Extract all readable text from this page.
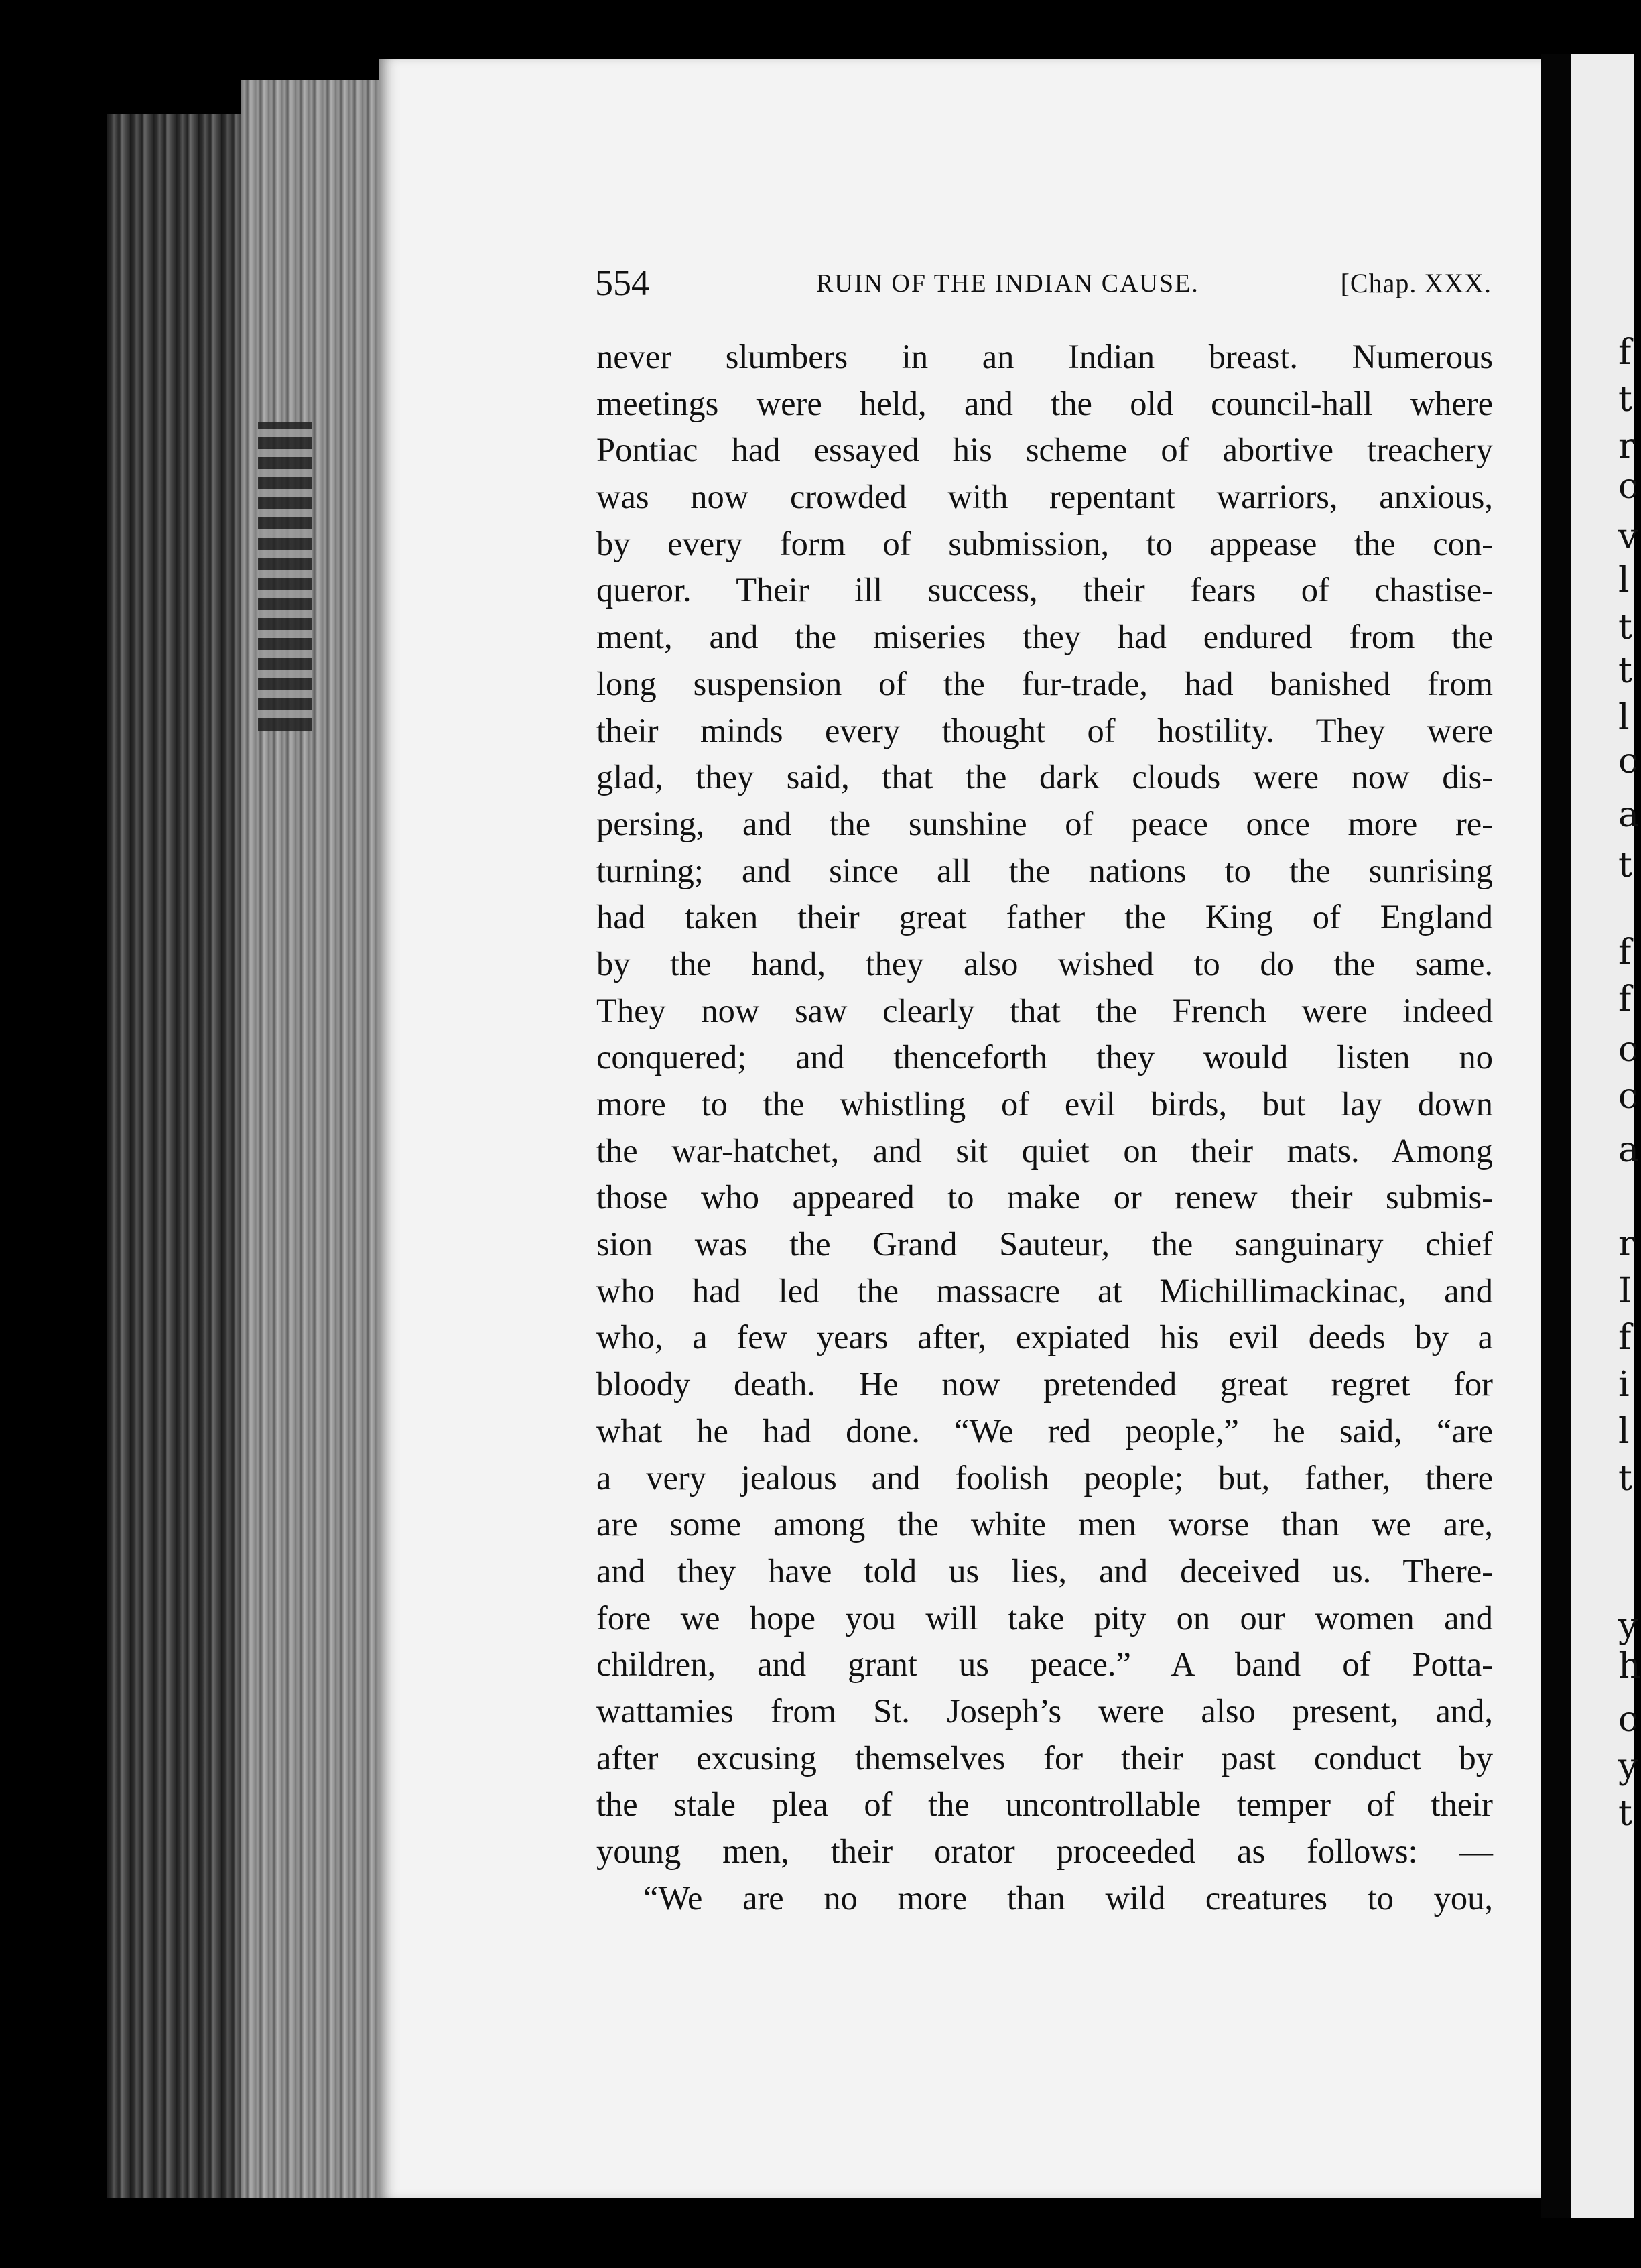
f
t
r
c
v
l
t
t
l
c
a
t
f
f
c
c
a
r
I
f
i
l
t
y
h
c
y
t
554	RUIN OF THE INDIAN CAUSE.	[Chap. XXX.
never slumbers in an Indian breast. Numerous
meetings were held, and the old council-hall where
Pontiac had essayed his scheme of abortive treachery
was now crowded with repentant warriors, anxious,
by every form of submission, to appease the con-
queror. Their ill success, their fears of chastise-
ment, and the miseries they had endured from the
long suspension of the fur-trade, had banished from
their minds every thought of hostility. They were
glad, they said, that the dark clouds were now dis-
persing, and the sunshine of peace once more re-
turning; and since all the nations to the sunrising
had taken their great father the King of England
by the hand, they also wished to do the same.
They now saw clearly that the French were indeed
conquered; and thenceforth they would listen no
more to the whistling of evil birds, but lay down
the war-hatchet, and sit quiet on their mats. Among
those who appeared to make or renew their submis-
sion was the Grand Sauteur, the sanguinary chief
who had led the massacre at Michillimackinac, and
who, a few years after, expiated his evil deeds by a
bloody death. He now pretended great regret for
what he had done. “We red people,” he said, “are
a very jealous and foolish people; but, father, there
are some among the white men worse than we are,
and they have told us lies, and deceived us. There-
fore we hope you will take pity on our women and
children, and grant us peace.” A band of Potta-
wattamies from St. Joseph’s were also present, and,
after excusing themselves for their past conduct by
the stale plea of the uncontrollable temper of their
young men, their orator proceeded as follows: —
“We are no more than wild creatures to you,
